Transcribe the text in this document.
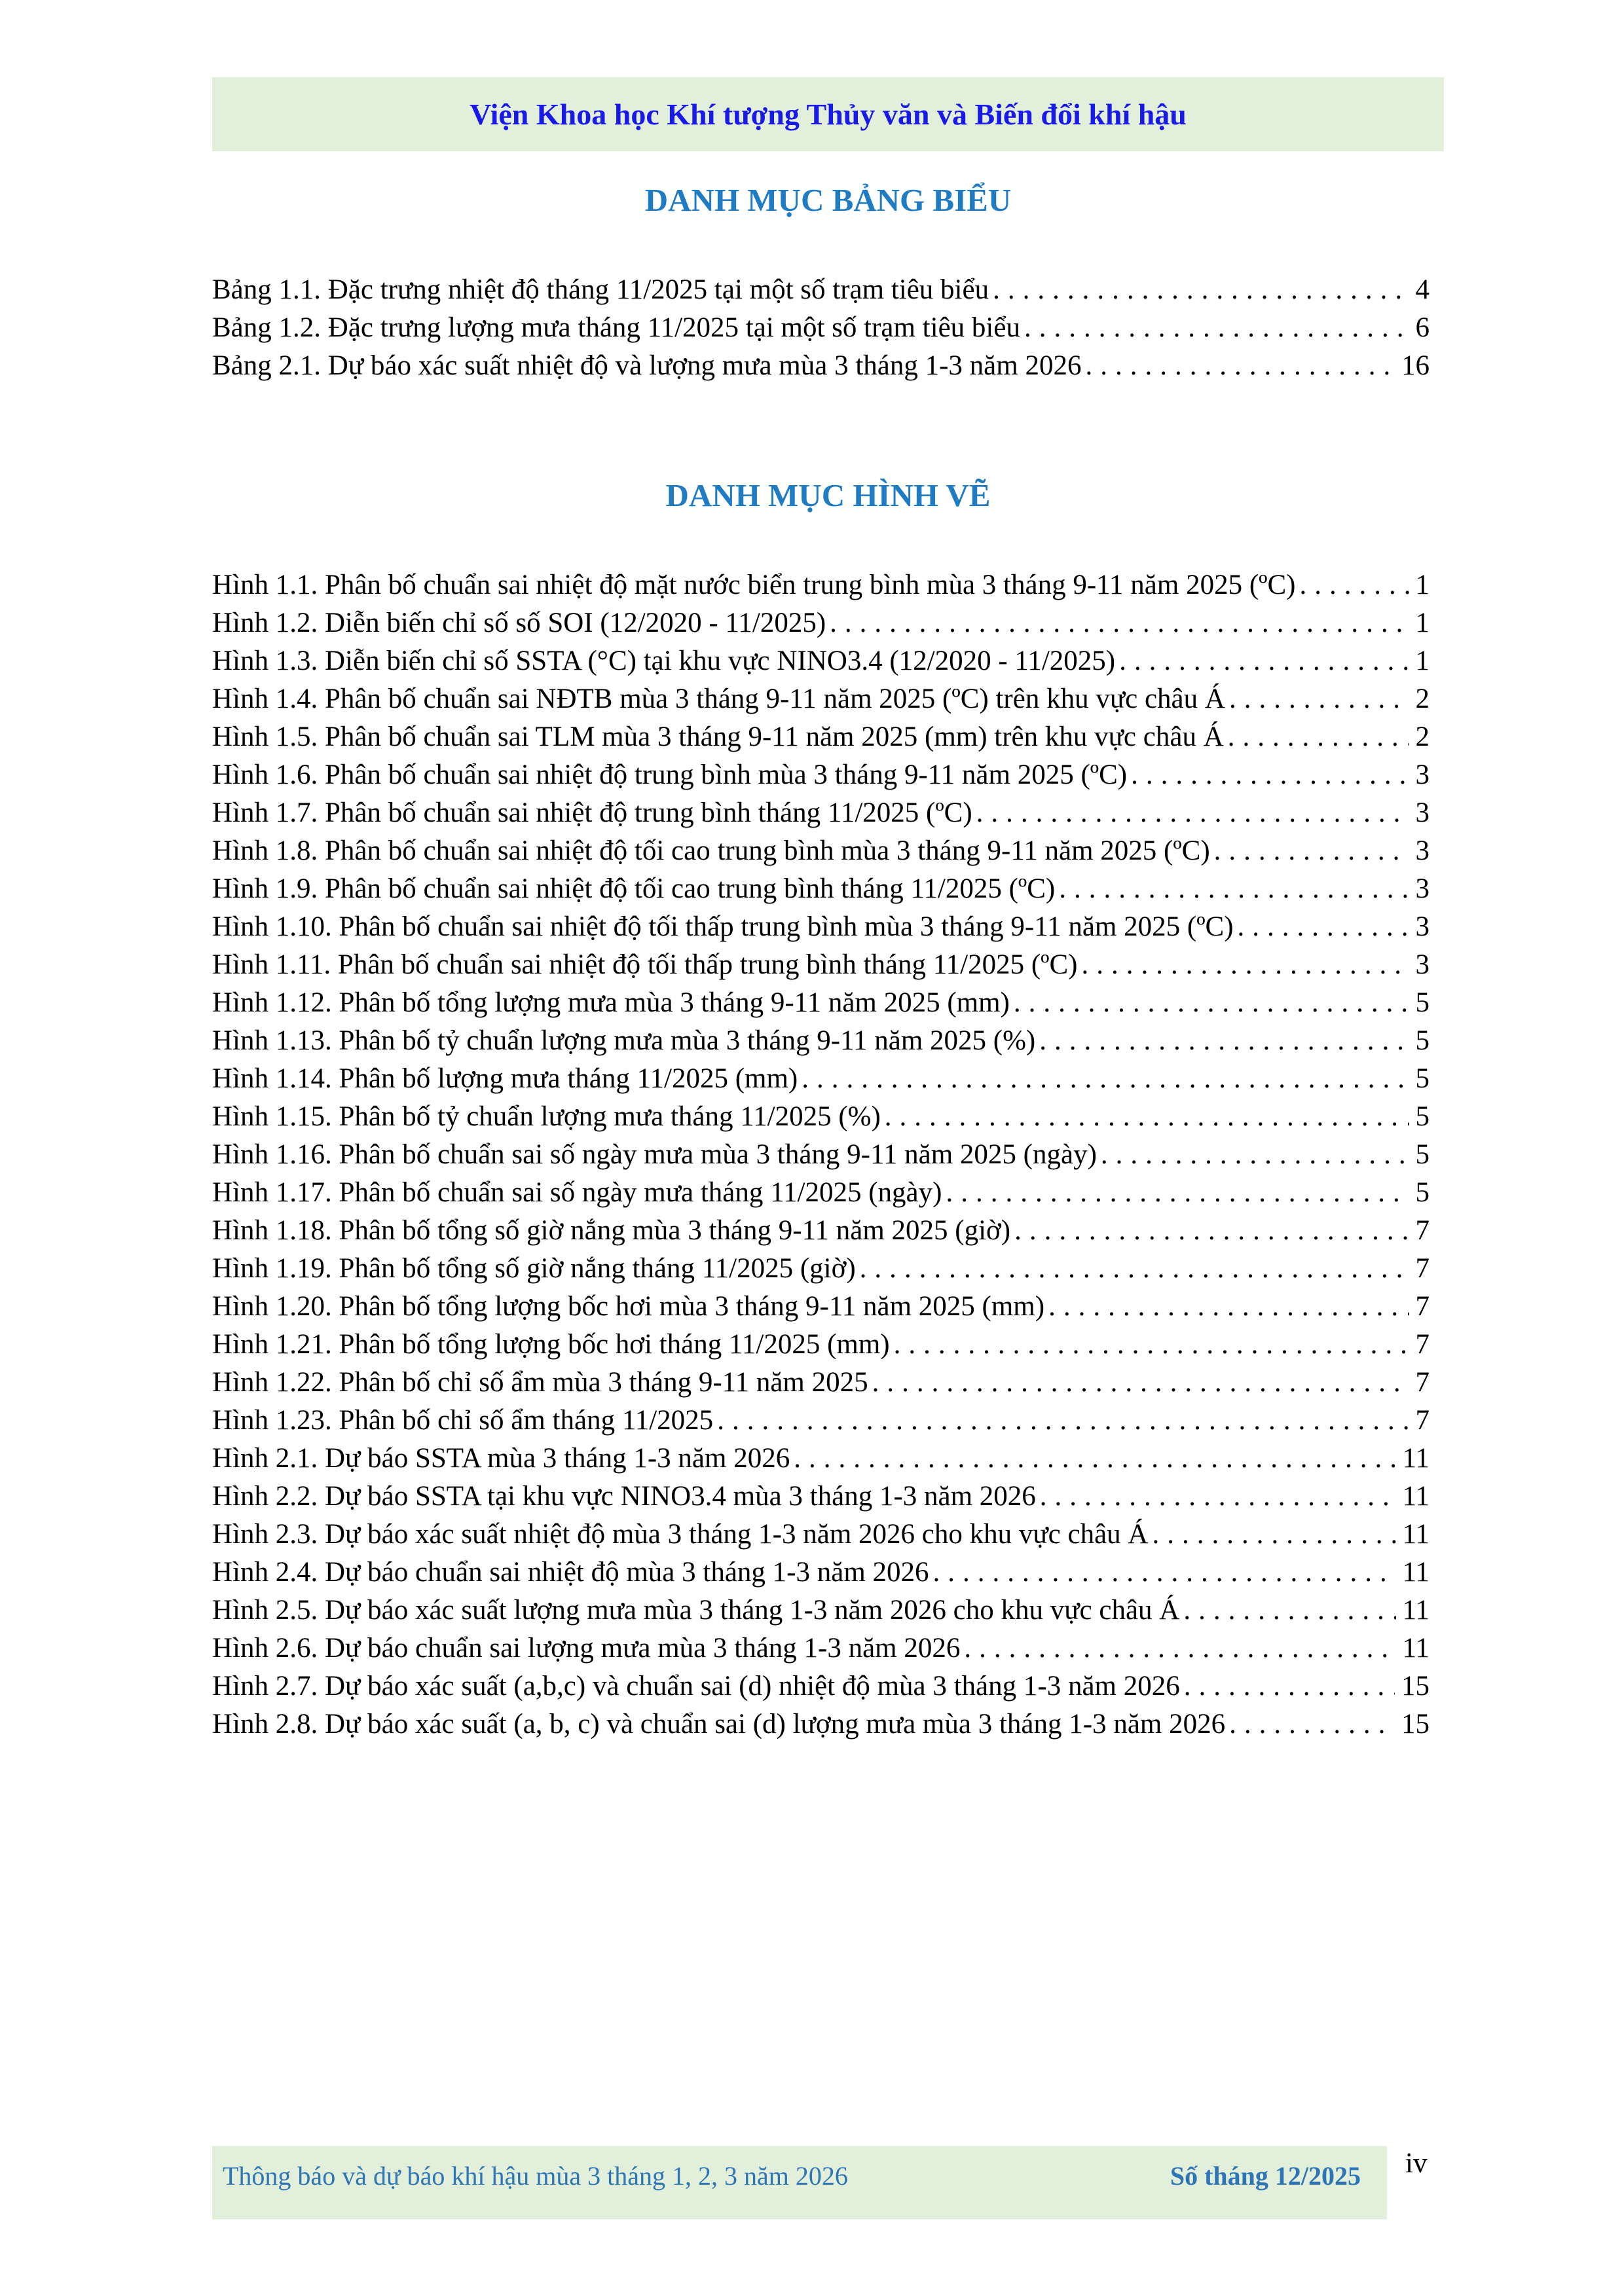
Viện Khoa học Khí tượng Thủy văn và Biến đổi khí hậu
DANH MỤC BẢNG BIỂU
Bảng 1.1. Đặc trưng nhiệt độ tháng 11/2025 tại một số trạm tiêu biểu .....	4
Bảng 1.2. Đặc trưng lượng mưa tháng 11/2025 tại một số trạm tiêu biểu .....	6
Bảng 2.1. Dự báo xác suất nhiệt độ và lượng mưa mùa 3 tháng 1-3 năm 2026 .....	16
DANH MỤC HÌNH VẼ
Hình 1.1. Phân bố chuẩn sai nhiệt độ mặt nước biển trung bình mùa 3 tháng 9-11 năm 2025 (ºC) .....	1
Hình 1.2. Diễn biến chỉ số số SOI (12/2020 - 11/2025) .....	1
Hình 1.3. Diễn biến chỉ số SSTA (°C) tại khu vực NINO3.4 (12/2020 - 11/2025) .....	1
Hình 1.4. Phân bố chuẩn sai NĐTB mùa 3 tháng 9-11 năm 2025 (ºC) trên khu vực châu Á .....	2
Hình 1.5. Phân bố chuẩn sai TLM mùa 3 tháng 9-11 năm 2025 (mm) trên khu vực châu Á .....	2
Hình 1.6. Phân bố chuẩn sai nhiệt độ trung bình mùa 3 tháng 9-11 năm 2025 (ºC) .....	3
Hình 1.7. Phân bố chuẩn sai nhiệt độ trung bình tháng 11/2025 (ºC) .....	3
Hình 1.8. Phân bố chuẩn sai nhiệt độ tối cao trung bình mùa 3 tháng 9-11 năm 2025 (ºC) .....	3
Hình 1.9. Phân bố chuẩn sai nhiệt độ tối cao trung bình tháng 11/2025 (ºC) .....	3
Hình 1.10. Phân bố chuẩn sai nhiệt độ tối thấp trung bình mùa 3 tháng 9-11 năm 2025 (ºC) .....	3
Hình 1.11. Phân bố chuẩn sai nhiệt độ tối thấp trung bình tháng 11/2025 (ºC) .....	3
Hình 1.12. Phân bố tổng lượng mưa mùa 3 tháng 9-11 năm 2025 (mm) .....	5
Hình 1.13. Phân bố tỷ chuẩn lượng mưa mùa 3 tháng 9-11 năm 2025 (%) .....	5
Hình 1.14. Phân bố lượng mưa tháng 11/2025 (mm) .....	5
Hình 1.15. Phân bố tỷ chuẩn lượng mưa tháng 11/2025 (%) .....	5
Hình 1.16. Phân bố chuẩn sai số ngày mưa mùa 3 tháng 9-11 năm 2025 (ngày) .....	5
Hình 1.17. Phân bố chuẩn sai số ngày mưa tháng 11/2025 (ngày) .....	5
Hình 1.18. Phân bố tổng số giờ nắng mùa 3 tháng 9-11 năm 2025 (giờ) .....	7
Hình 1.19. Phân bố tổng số giờ nắng tháng 11/2025 (giờ) .....	7
Hình 1.20. Phân bố tổng lượng bốc hơi mùa 3 tháng 9-11 năm 2025 (mm) .....	7
Hình 1.21. Phân bố tổng lượng bốc hơi tháng 11/2025 (mm) .....	7
Hình 1.22. Phân bố chỉ số ẩm mùa 3 tháng 9-11 năm 2025 .....	7
Hình 1.23. Phân bố chỉ số ẩm tháng 11/2025 .....	7
Hình 2.1. Dự báo SSTA mùa 3 tháng 1-3 năm 2026 .....	11
Hình 2.2. Dự báo SSTA tại khu vực NINO3.4 mùa 3 tháng 1-3 năm 2026 .....	11
Hình 2.3. Dự báo xác suất nhiệt độ mùa 3 tháng 1-3 năm 2026 cho khu vực châu Á .....	11
Hình 2.4. Dự báo chuẩn sai nhiệt độ mùa 3 tháng 1-3 năm 2026 .....	11
Hình 2.5. Dự báo xác suất lượng mưa mùa 3 tháng 1-3 năm 2026 cho khu vực châu Á .....	11
Hình 2.6. Dự báo chuẩn sai lượng mưa mùa 3 tháng 1-3 năm 2026 .....	11
Hình 2.7. Dự báo xác suất (a,b,c) và chuẩn sai (d) nhiệt độ mùa 3 tháng 1-3 năm 2026 .....	15
Hình 2.8. Dự báo xác suất (a, b, c) và chuẩn sai (d) lượng mưa mùa 3 tháng 1-3 năm 2026 .....	15
Thông báo và dự báo khí hậu mùa 3 tháng 1, 2, 3 năm 2026	Số tháng 12/2025 iv
